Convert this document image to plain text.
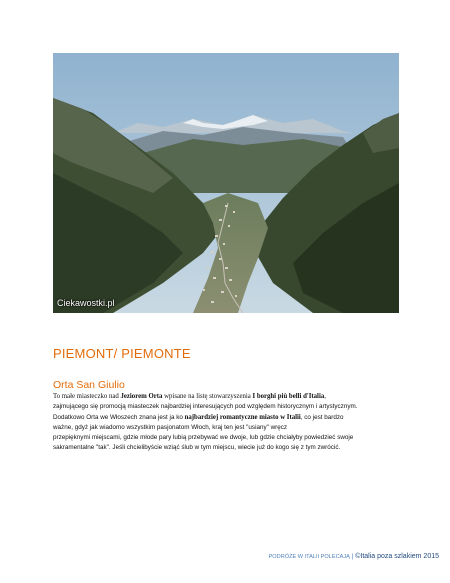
Ciekawostki.pl
PIEMONT/ PIEMONTE
Orta San Giulio

To małe miasteczko nad Jeziorem Orta wpisane na listę stowarzyszenia I borghi più belli d'Italia,

zajmującego się promocją miasteczek najbardziej interesujących pod względem historycznym i artystycznym.

Dodatkowo Orta we Włoszech znana jest ja ko najbardziej romantyczne miasto w Italii, co jest bardzo

ważne, gdyż jak wiadomo wszystkim pasjonatom Włoch, kraj ten jest "usiany" wręcz

przepięknymi miejscami, gdzie młode pary lubią przebywać we dwoje, lub gdzie chciałyby powiedzieć swoje

sakramentalne "tak". Jeśli chcielibyście wziąć ślub w tym miejscu, wiecie już do kogo się z tym zwrócić.

PODRÓŻE W ITALII POLECAJĄ | ©Italia poza szlakiem 2015
